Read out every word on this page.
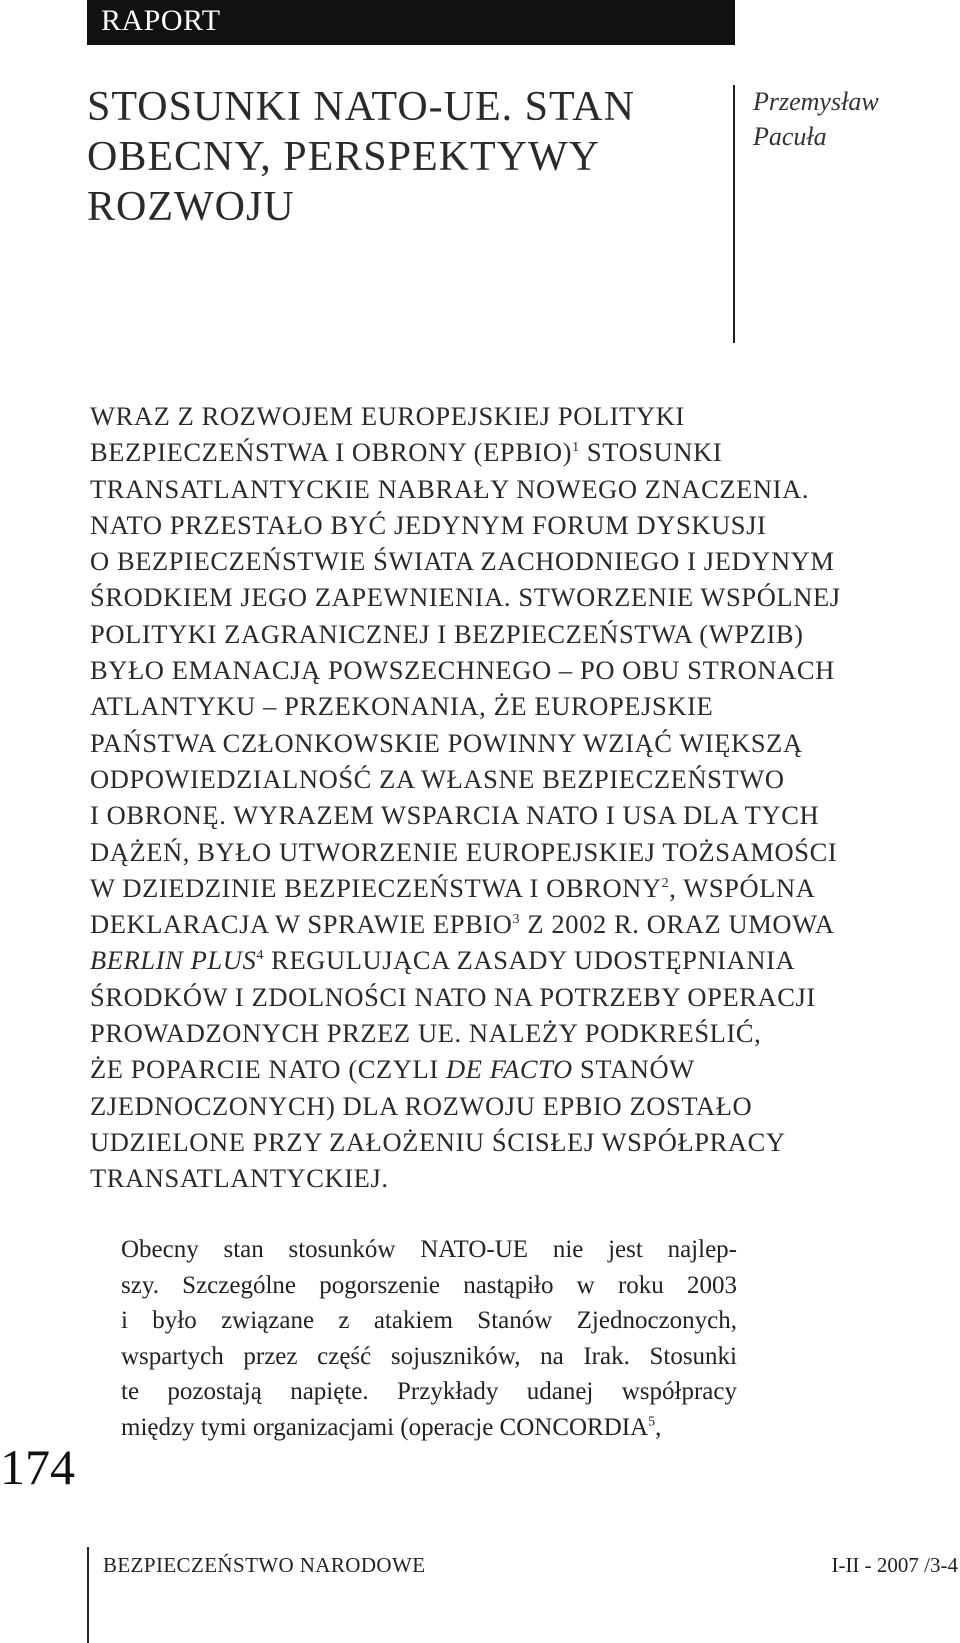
RAPORT
STOSUNKI NATO-UE. STAN
OBECNY, PERSPEKTYWY
ROZWOJU
Przemysław
Pacuła
WRAZ Z ROZWOJEM EUROPEJSKIEJ POLITYKI
BEZPIECZEŃSTWA I OBRONY (EPBIO)$^1$ STOSUNKI
TRANSATLANTYCKIE NABRAŁY NOWEGO ZNACZENIA.
NATO PRZESTAŁO BYĆ JEDYNYM FORUM DYSKUSJI
O BEZPIECZEŃSTWIE ŚWIATA ZACHODNIEGO I JEDYNYM
ŚRODKIEM JEGO ZAPEWNIENIA. STWORZENIE WSPÓLNEJ
POLITYKI ZAGRANICZNEJ I BEZPIECZEŃSTWA (WPZIB)
BYŁO EMANACJĄ POWSZECHNEGO – PO OBU STRONACH
ATLANTYKU – PRZEKONANIA, ŻE EUROPEJSKIE
PAŃSTWA CZŁONKOWSKIE POWINNY WZIĄĆ WIĘKSZĄ
ODPOWIEDZIALNOŚĆ ZA WŁASNE BEZPIECZEŃSTWO
I OBRONĘ. WYRAZEM WSPARCIA NATO I USA DLA TYCH
DĄŻEŃ, BYŁO UTWORZENIE EUROPEJSKIEJ TOŻSAMOŚCI
W DZIEDZINIE BEZPIECZEŃSTWA I OBRONY$^2$, WSPÓLNA
DEKLARACJA W SPRAWIE EPBIO$^3$ Z 2002 R. ORAZ UMOWA
BERLIN PLUS$^4$ REGULUJĄCA ZASADY UDOSTĘPNIANIA
ŚRODKÓW I ZDOLNOŚCI NATO NA POTRZEBY OPERACJI
PROWADZONYCH PRZEZ UE. NALEŻY PODKREŚLIĆ,
ŻE POPARCIE NATO (CZYLI DE FACTO STANÓW
ZJEDNOCZONYCH) DLA ROZWOJU EPBIO ZOSTAŁO
UDZIELONE PRZY ZAŁOŻENIU ŚCISŁEJ WSPÓŁPRACY
TRANSATLANTYCKIEJ.
Obecny stan stosunków NATO-UE nie jest najlep-
szy. Szczególne pogorszenie nastąpiło w roku 2003
i było związane z atakiem Stanów Zjednoczonych,
wspartych przez część sojuszników, na Irak. Stosunki
te pozostają napięte. Przykłady udanej współpracy
między tymi organizacjami (operacje CONCORDIA$^5$,
174
BEZPIECZEŃSTWO NARODOWE	I-II - 2007 /3-4
